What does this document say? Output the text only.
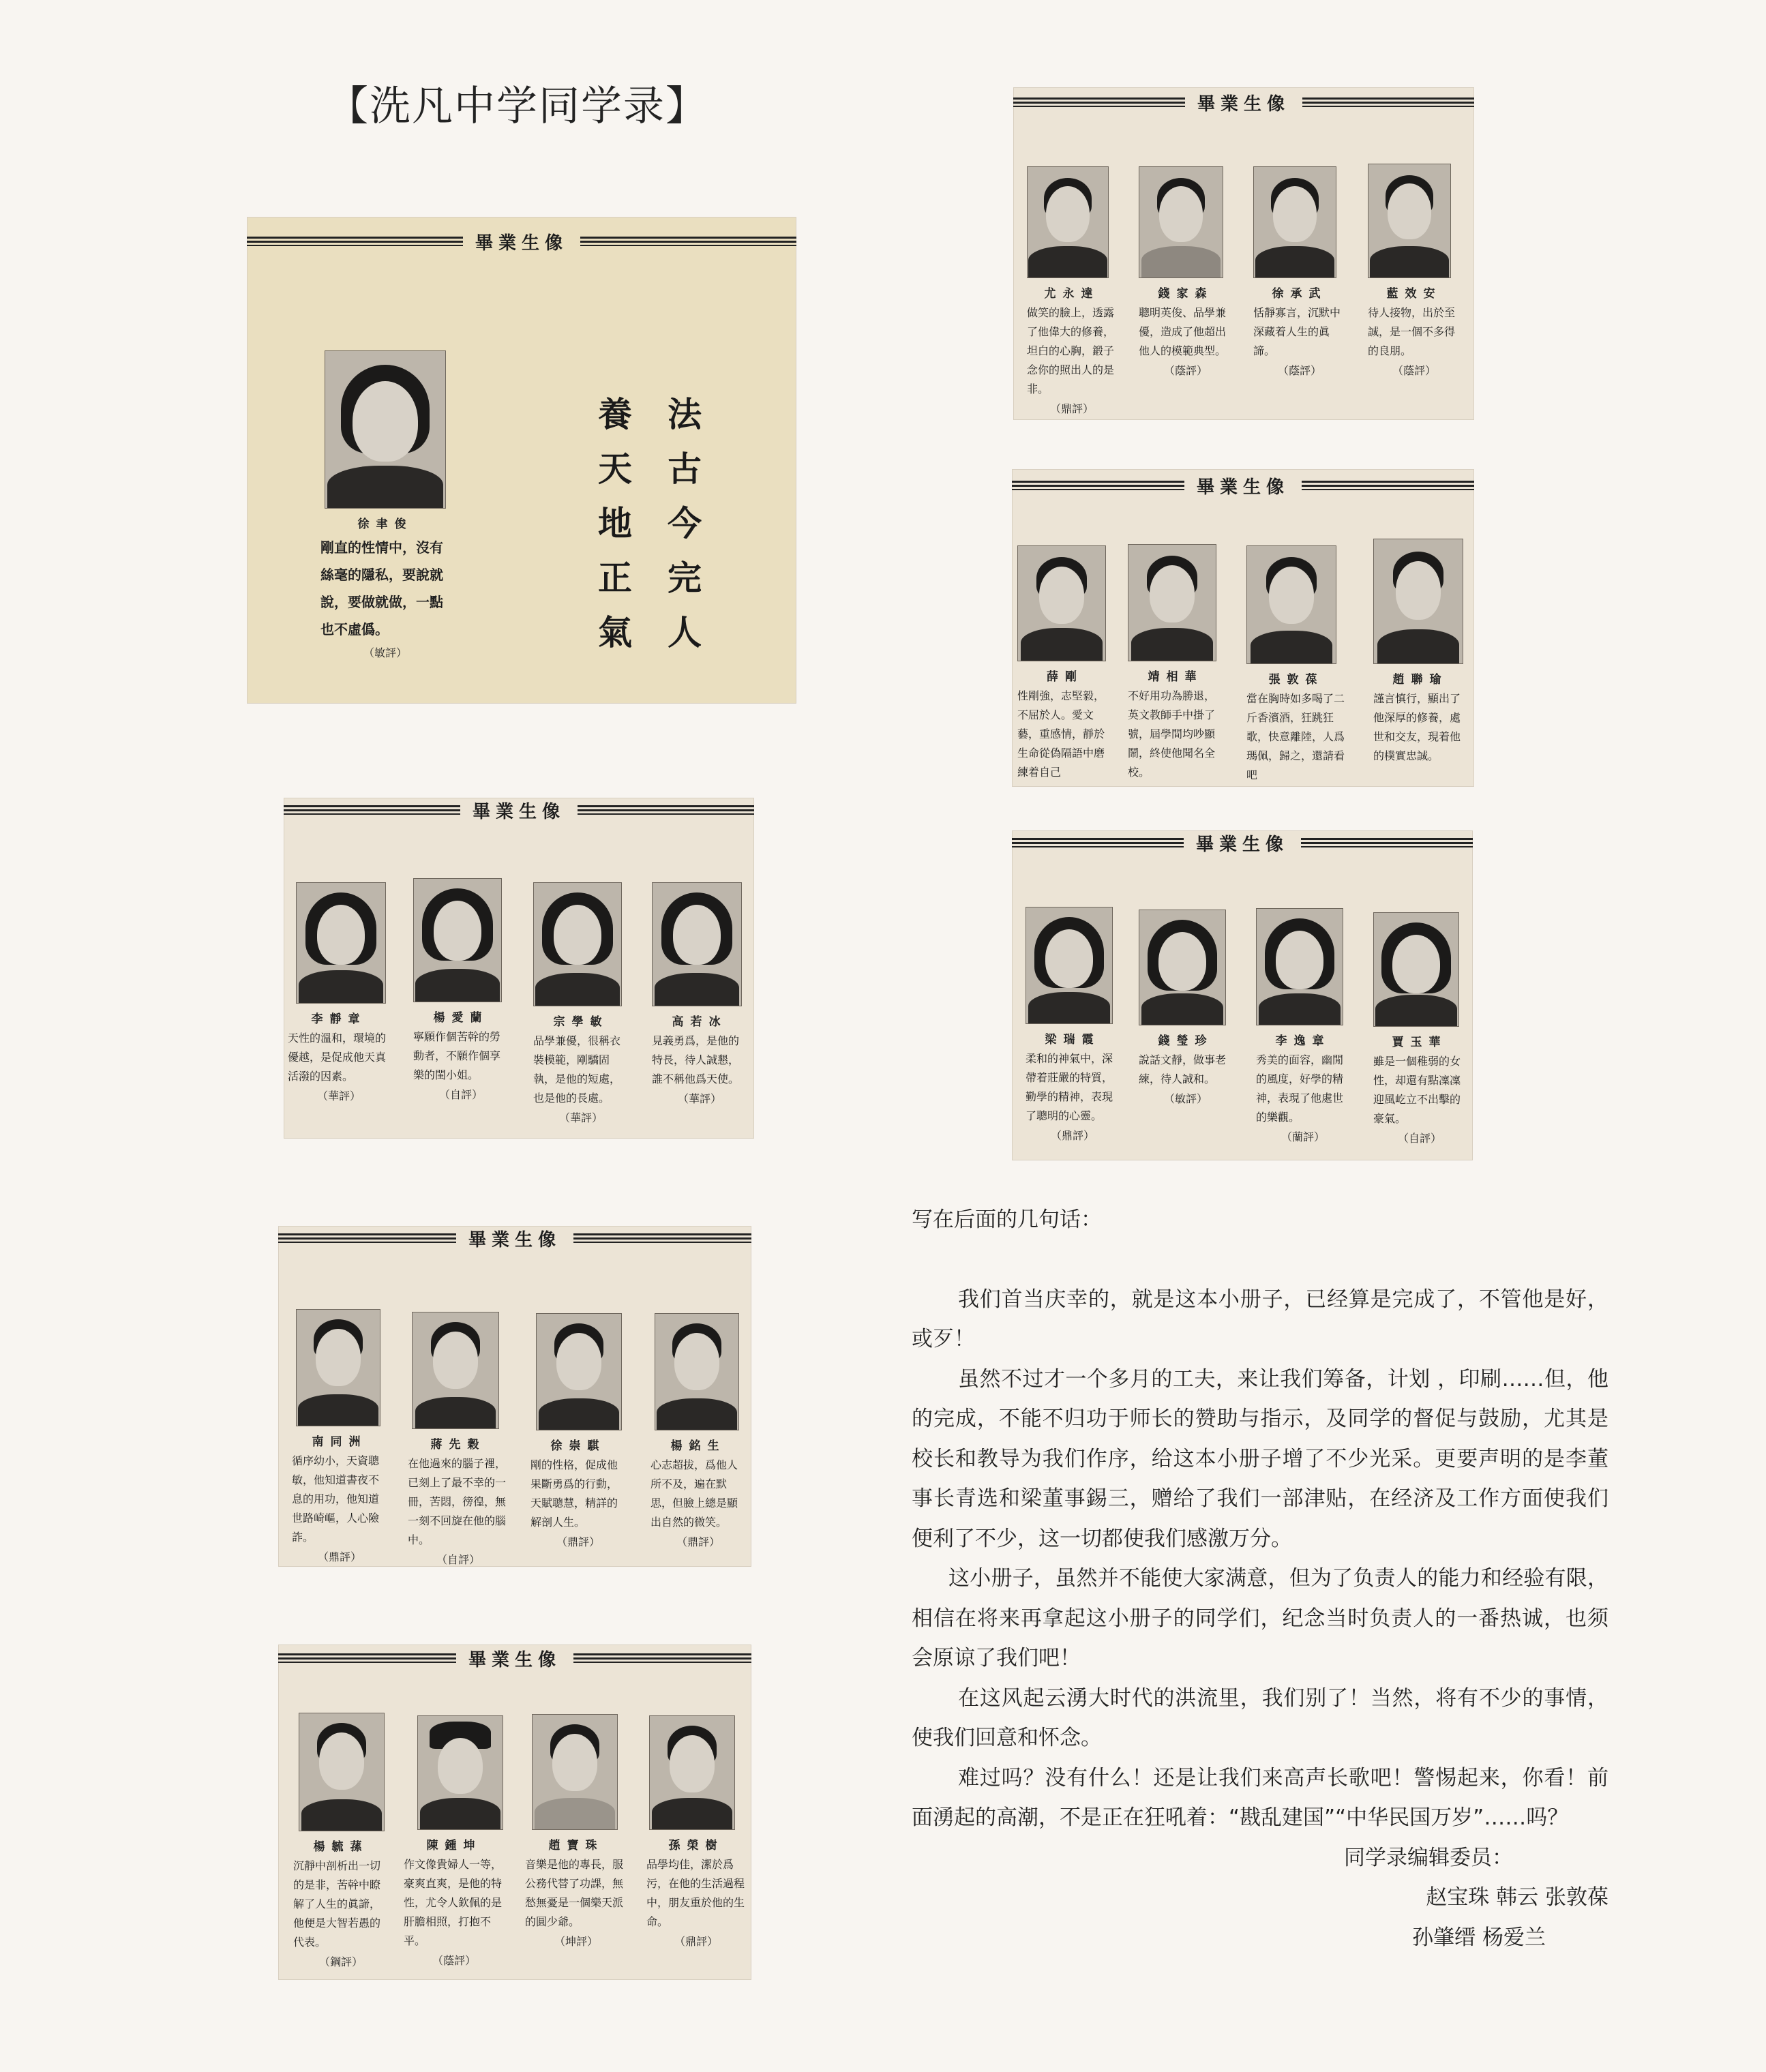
【洗凡中学同学录】
畢業生像
徐聿俊
剛直的性情中，沒有絲毫的隱私，要說就說，要做就做，一點也不虛僞。
（敏評）
法古今完人
養天地正氣
畢業生像
尤永達
做笑的臉上，透露了他偉大的修養，坦白的心胸，鍛子念你的照出人的是非。
（鼎評）
錢家森
聰明英俊、品學兼優，造成了他超出他人的模範典型。
（蔭評）
徐承武
恬靜寡言，沉默中深藏着人生的眞諦。
（蔭評）
藍效安
待人接物，出於至誠，是一個不多得的良朋。
（蔭評）
畢業生像
薛剛
性剛強，志堅毅，不屈於人。愛文藝，重感情，靜於生命從偽隔語中磨練着自己
靖相華
不好用功為勝退，英文教師手中掛了號，屆學間均吵顯鬧，終使他聞名全校。
張敦葆
當在胸時如多喝了二斤香濱酒，狂跳狂歌，快意離陸，人爲瑪佩，歸之，還請看吧
趙聯瑜
謹言慎行，顯出了他深厚的修養，處世和交友，現着他的樸實忠誠。
畢業生像
李靜章
天性的溫和，環境的優越，是促成他天真活潑的因素。
（華評）
楊愛蘭
寧願作個苦幹的勞動者，不願作個享樂的閨小姐。
（自評）
宗學敏
品學兼優，很稱衣裝模範，剛驕固執，是他的短處，也是他的長處。
（華評）
高若冰
見義勇爲，是他的特長，待人誠懇，誰不稱他爲天使。
（華評）
畢業生像
梁瑞霞
柔和的神氣中，深帶着莊嚴的特質，勤學的精神，表現了聰明的心靈。
（鼎評）
錢瑩珍
說話文靜，做事老練，待人誠和。
（敏評）
李逸章
秀美的面容，幽閒的風度，好學的精神，表現了他處世的樂觀。
（蘭評）
賈玉華
雖是一個稚弱的女性，却還有點凜凜迎風屹立不出擊的豪氣。
（自評）
畢業生像
南同洲
循序幼小，天資聰敏，他知道書夜不息的用功，他知道世路崎嶇，人心險詐。
（鼎評）
蔣先穀
在他過來的腦子裡，已刻上了最不幸的一冊，苦悶，徬徨，無一刻不回旋在他的腦中。
（自評）
徐崇騏
剛的性格，促成他果斷勇爲的行動，天賦聰慧，精詳的解剖人生。
（鼎評）
楊銘生
心志超拔，爲他人所不及，遍在默思，但臉上總是顯出自然的微笑。
（鼎評）
畢業生像
楊毓蓀
沉靜中剖析出一切的是非，苦幹中瞭解了人生的眞諦，他便是大智若愚的代表。
（鋼評）
陳鍾坤
作文像貴婦人一等，豪爽直爽，是他的特性，尤令人欽佩的是肝膽相照，打抱不平。
（蔭評）
趙寶珠
音樂是他的專長，服公務代替了功課，無愁無憂是一個樂天派的圓少爺。
（坤評）
孫榮樹
品學均佳，潔於爲污，在他的生活過程中，朋友重於他的生命。
（鼎評）
写在后面的几句话：
我们首当庆幸的，就是这本小册子，已经算是完成了，不管他是好，或歹！
虽然不过才一个多月的工夫，来让我们筹备，计划 ，印刷……但，他的完成，不能不归功于师长的赞助与指示，及同学的督促与鼓励，尤其是校长和教导为我们作序，给这本小册子增了不少光采。更要声明的是李董事长青选和梁董事錫三，赠给了我们一部津贴，在经济及工作方面使我们便利了不少，这一切都使我们感激万分。
这小册子，虽然并不能使大家满意，但为了负责人的能力和经验有限，相信在将来再拿起这小册子的同学们，纪念当时负责人的一番热诚，也须会原谅了我们吧！
在这风起云湧大时代的洪流里，我们别了！当然，将有不少的事情，使我们回意和怀念。
难过吗？没有什么！还是让我们来高声长歌吧！警惕起来，你看！前面湧起的高潮，不是正在狂吼着：“戡乱建国”“中华民国万岁”……吗？
同学录编辑委员：
赵宝珠 韩云 张敦葆
孙肇缙 杨爱兰
